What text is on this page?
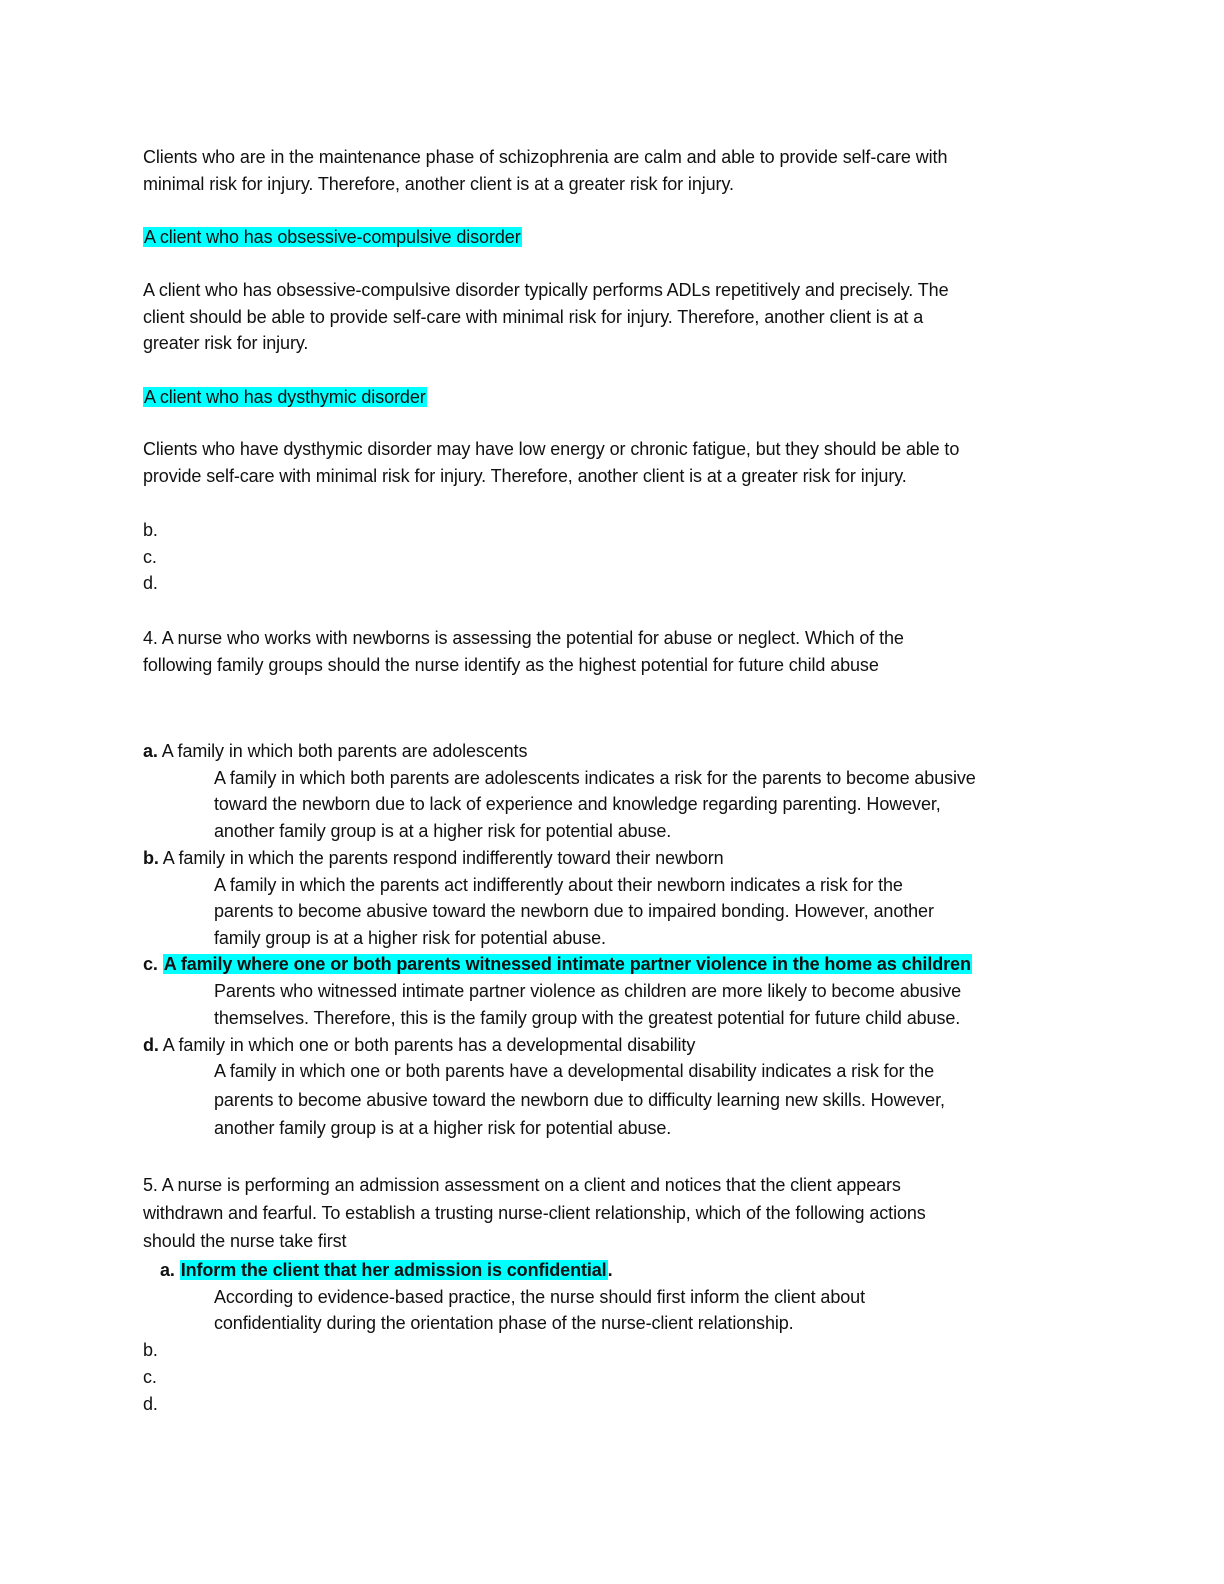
Clients who are in the maintenance phase of schizophrenia are calm and able to provide self-care with
minimal risk for injury. Therefore, another client is at a greater risk for injury.
A client who has obsessive-compulsive disorder
A client who has obsessive-compulsive disorder typically performs ADLs repetitively and precisely. The
client should be able to provide self-care with minimal risk for injury. Therefore, another client is at a
greater risk for injury.
A client who has dysthymic disorder
Clients who have dysthymic disorder may have low energy or chronic fatigue, but they should be able to
provide self-care with minimal risk for injury. Therefore, another client is at a greater risk for injury.
b.
c.
d.
4. A nurse who works with newborns is assessing the potential for abuse or neglect. Which of the
following family groups should the nurse identify as the highest potential for future child abuse
a. A family in which both parents are adolescents
A family in which both parents are adolescents indicates a risk for the parents to become abusive
toward the newborn due to lack of experience and knowledge regarding parenting. However,
another family group is at a higher risk for potential abuse.
b. A family in which the parents respond indifferently toward their newborn
A family in which the parents act indifferently about their newborn indicates a risk for the
parents to become abusive toward the newborn due to impaired bonding. However, another
family group is at a higher risk for potential abuse.
c. A family where one or both parents witnessed intimate partner violence in the home as children
Parents who witnessed intimate partner violence as children are more likely to become abusive
themselves. Therefore, this is the family group with the greatest potential for future child abuse.
d. A family in which one or both parents has a developmental disability
A family in which one or both parents have a developmental disability indicates a risk for the
parents to become abusive toward the newborn due to difficulty learning new skills. However,
another family group is at a higher risk for potential abuse.
5. A nurse is performing an admission assessment on a client and notices that the client appears
withdrawn and fearful. To establish a trusting nurse-client relationship, which of the following actions
should the nurse take first
a. Inform the client that her admission is confidential.
According to evidence-based practice, the nurse should first inform the client about
confidentiality during the orientation phase of the nurse-client relationship.
b.
c.
d.
